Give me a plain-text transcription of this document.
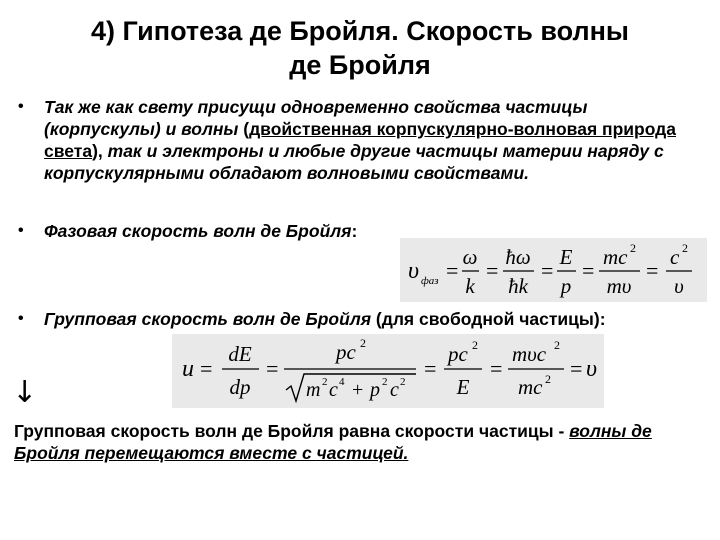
4) Гипотеза де Бройля. Скорость волны
де Бройля
• Так же как свету присущи одновременно свойства частицы (корпускулы) и волны (двойственная корпускулярно-волновая природа света), так и электроны и любые другие частицы материи наряду с корпускулярными обладают волновыми свойствами.
• Фазовая скорость волн де Бройля:
υ фаз =
ω
k
=
ħω
ħk
=
E
p
=
mc 2
mυ
=
c 2
υ
• Групповая скорость волн де Бройля (для свободной частицы):
u =
dE
dp
=
pc 2
m 2 c 4 + p 2 c 2
=
pc 2
E
=
mυc 2
mc 2 = υ
↓
Групповая скорость волн де Бройля равна скорости частицы - волны де Бройля перемещаются вместе с частицей.
